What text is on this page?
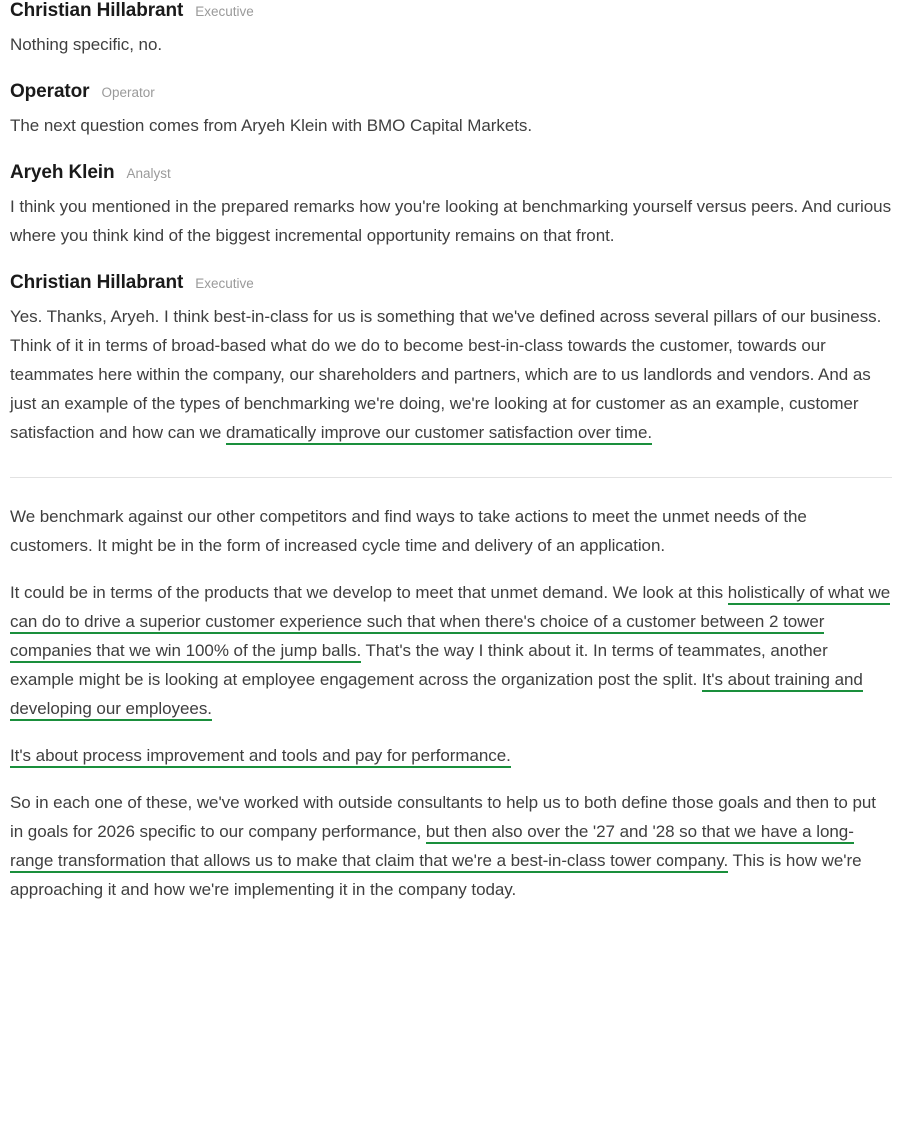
Christian Hillabrant Executive

Nothing specific, no.

Operator Operator

The next question comes from Aryeh Klein with BMO Capital Markets.

Aryeh Klein Analyst

I think you mentioned in the prepared remarks how you're looking at benchmarking yourself versus peers. And curious where you think kind of the biggest incremental opportunity remains on that front.

Christian Hillabrant Executive

Yes. Thanks, Aryeh. I think best-in-class for us is something that we've defined across several pillars of our business. Think of it in terms of broad-based what do we do to become best-in-class towards the customer, towards our teammates here within the company, our shareholders and partners, which are to us landlords and vendors. And as just an example of the types of benchmarking we're doing, we're looking at for customer as an example, customer satisfaction and how can we dramatically improve our customer satisfaction over time.

We benchmark against our other competitors and find ways to take actions to meet the unmet needs of the customers. It might be in the form of increased cycle time and delivery of an application.

It could be in terms of the products that we develop to meet that unmet demand. We look at this holistically of what we can do to drive a superior customer experience such that when there's choice of a customer between 2 tower companies that we win 100% of the jump balls. That's the way I think about it. In terms of teammates, another example might be is looking at employee engagement across the organization post the split. It's about training and developing our employees.

It's about process improvement and tools and pay for performance.

So in each one of these, we've worked with outside consultants to help us to both define those goals and then to put in goals for 2026 specific to our company performance, but then also over the '27 and '28 so that we have a long-range transformation that allows us to make that claim that we're a best-in-class tower company. This is how we're approaching it and how we're implementing it in the company today.
